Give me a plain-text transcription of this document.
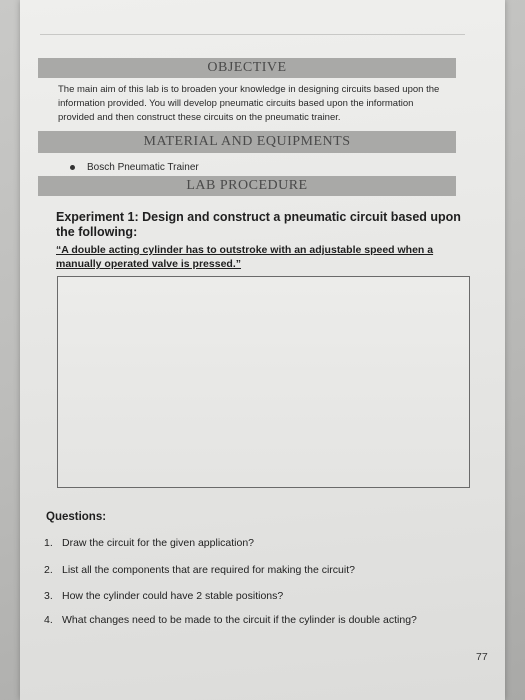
OBJECTIVE
The main aim of this lab is to broaden your knowledge in designing circuits based upon the information provided. You will develop pneumatic circuits based upon the information provided and then construct these circuits on the pneumatic trainer.
MATERIAL AND EQUIPMENTS
Bosch Pneumatic Trainer
LAB PROCEDURE
Experiment 1: Design and construct a pneumatic circuit based upon the following:
“A double acting cylinder has to outstroke with an adjustable speed when a manually operated valve is pressed.”
Questions:
1. Draw the circuit for the given application?
2. List all the components that are required for making the circuit?
3. How the cylinder could have 2 stable positions?
4. What changes need to be made to the circuit if the cylinder is double acting?
77
